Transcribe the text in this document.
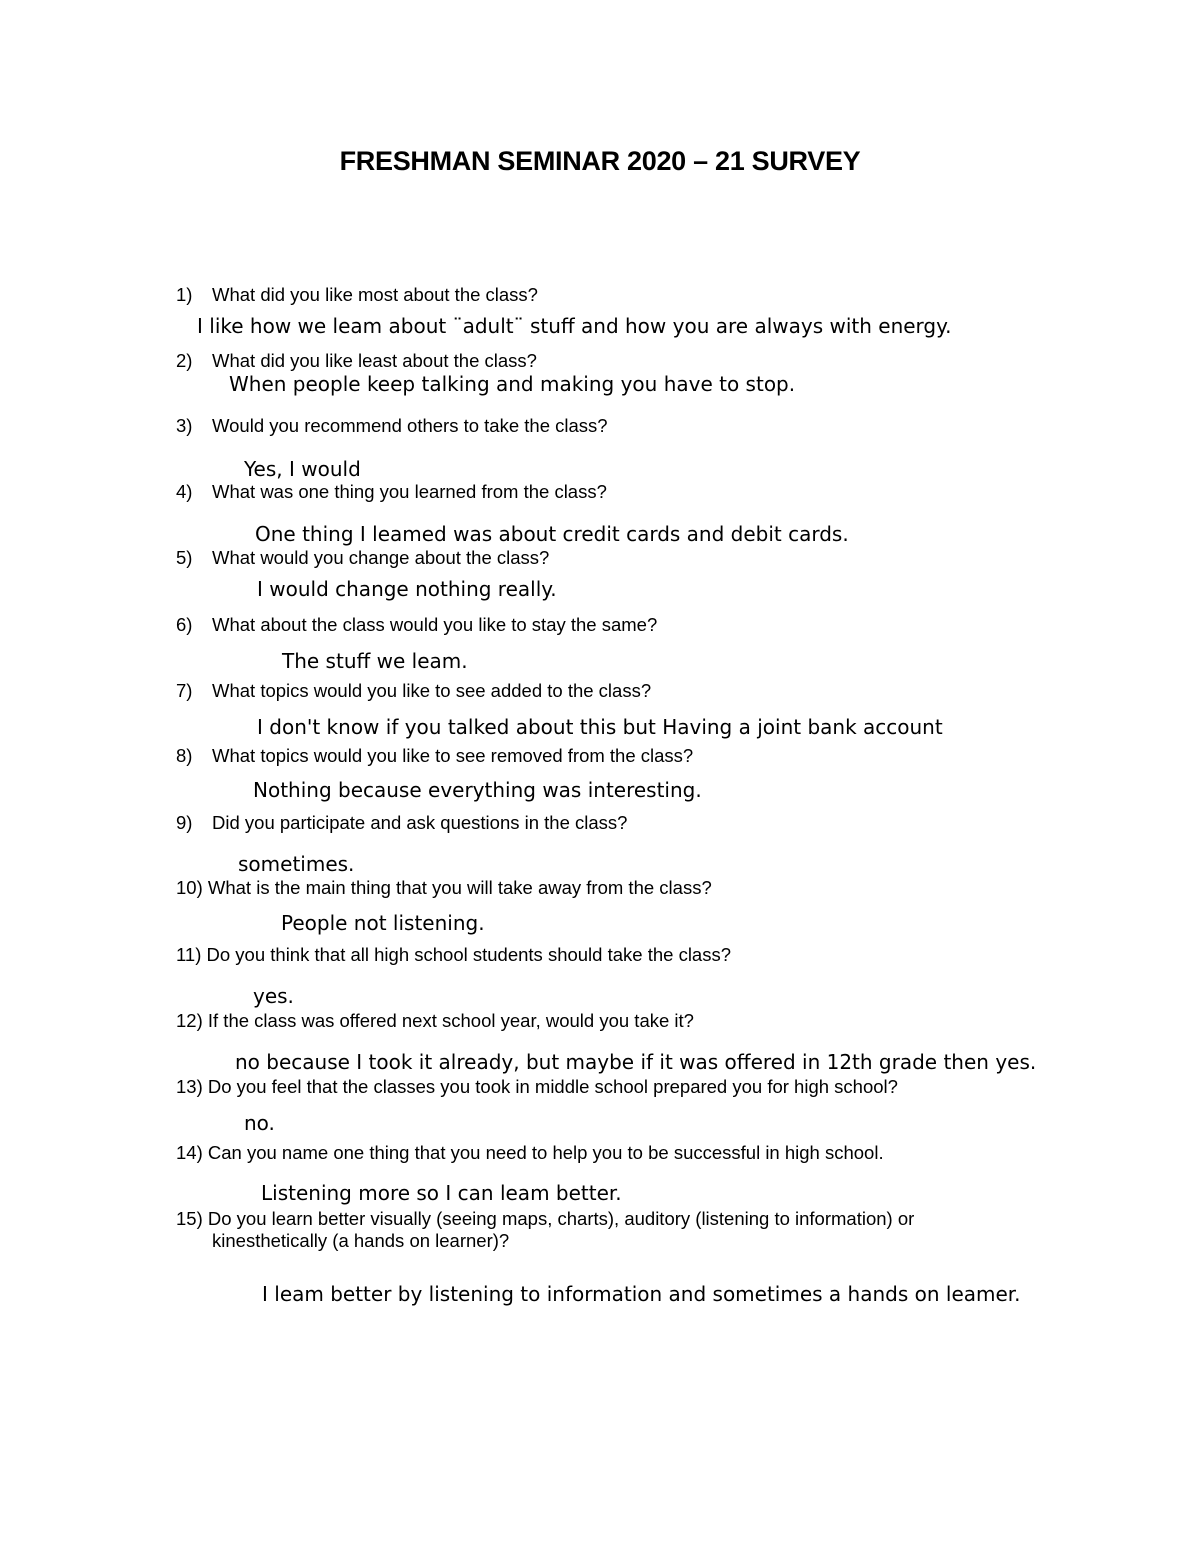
FRESHMAN SEMINAR 2020 – 21 SURVEY
1) What did you like most about the class?
I like how we leam about ¨adult¨ stuff and how you are always with energy.
2) What did you like least about the class?
When people keep talking and making you have to stop.
3) Would you recommend others to take the class?
Yes, I would
4) What was one thing you learned from the class?
One thing I leamed was about credit cards and debit cards.
5) What would you change about the class?
I would change nothing really.
6) What about the class would you like to stay the same?
The stuff we leam.
7) What topics would you like to see added to the class?
I don't know if you talked about this but Having a joint bank account
8) What topics would you like to see removed from the class?
Nothing because everything was interesting.
9) Did you participate and ask questions in the class?
sometimes.
10) What is the main thing that you will take away from the class?
People not listening.
11) Do you think that all high school students should take the class?
yes.
12) If the class was offered next school year, would you take it?
no because I took it already, but maybe if it was offered in 12th grade then yes.
13) Do you feel that the classes you took in middle school prepared you for high school?
no.
14) Can you name one thing that you need to help you to be successful in high school.
Listening more so I can leam better.
15) Do you learn better visually (seeing maps, charts), auditory (listening to information) or
kinesthetically (a hands on learner)?
I leam better by listening to information and sometimes a hands on leamer.
